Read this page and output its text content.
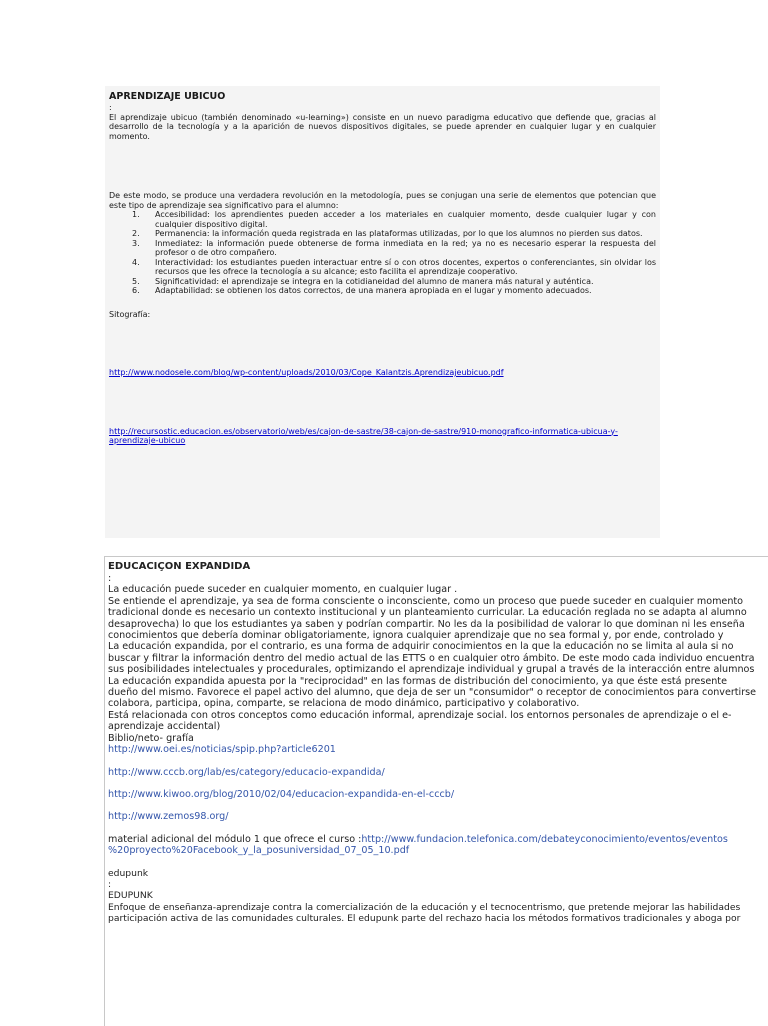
APRENDIZAJE UBICUO

:

El aprendizaje ubicuo (también denominado «u-learning») consiste en un nuevo paradigma educativo que defiende que, gracias al desarrollo de la tecnología y a la aparición de nuevos dispositivos digitales, se puede aprender en cualquier lugar y en cualquier momento.

De este modo, se produce una verdadera revolución en la metodología, pues se conjugan una serie de elementos que potencian que este tipo de aprendizaje sea significativo para el alumno:

1.	Accesibilidad: los aprendientes pueden acceder a los materiales en cualquier momento, desde cualquier lugar y con cualquier dispositivo digital.
2.	Permanencia: la información queda registrada en las plataformas utilizadas, por lo que los alumnos no pierden sus datos.
3.	Inmediatez: la información puede obtenerse de forma inmediata en la red; ya no es necesario esperar la respuesta del profesor o de otro compañero.
4.	Interactividad: los estudiantes pueden interactuar entre sí o con otros docentes, expertos o conferenciantes, sin olvidar los recursos que les ofrece la tecnología a su alcance; esto facilita el aprendizaje cooperativo.
5.	Significatividad: el aprendizaje se integra en la cotidianeidad del alumno de manera más natural y auténtica.
6.	Adaptabilidad: se obtienen los datos correctos, de una manera apropiada en el lugar y momento adecuados.

Sitografía:

http://www.nodosele.com/blog/wp-content/uploads/2010/03/Cope_Kalantzis.Aprendizajeubicuo.pdf
http://recursostic.educacion.es/observatorio/web/es/cajon-de-sastre/38-cajon-de-sastre/910-monografico-informatica-ubicua-y-aprendizaje-ubicuo
EDUCACIÇON EXPANDIDA
:
La educación puede suceder en cualquier momento, en cualquier lugar .
Se entiende el aprendizaje, ya sea de forma consciente o inconsciente, como un proceso que puede suceder en cualquier momento
tradicional donde es necesario un contexto institucional y un planteamiento curricular. La educación reglada no se adapta al alumno
desaprovecha) lo que los estudiantes ya saben y podrían compartir. No les da la posibilidad de valorar lo que dominan ni les enseña
conocimientos que debería dominar obligatoriamente, ignora cualquier aprendizaje que no sea formal y, por ende, controlado y
La educación expandida, por el contrario, es una forma de adquirir conocimientos en la que la educación no se limita al aula si no
buscar y filtrar la información dentro del medio actual de las ETTS o en cualquier otro ámbito. De este modo cada individuo encuentra
sus posibilidades intelectuales y procedurales, optimizando el aprendizaje individual y grupal a través de la interacción entre alumnos
La educación expandida apuesta por la "reciprocidad" en las formas de distribución del conocimiento, ya que éste está presente
dueño del mismo. Favorece el papel activo del alumno, que deja de ser un "consumidor" o receptor de conocimientos para convertirse
colabora, participa, opina, comparte, se relaciona de modo dinámico, participativo y colaborativo.
Está relacionada con otros conceptos como educación informal, aprendizaje social. los entornos personales de aprendizaje o el e-
aprendizaje accidental)
Biblio/neto- grafía
http://www.oei.es/noticias/spip.php?article6201
http://www.cccb.org/lab/es/category/educacio-expandida/
http://www.kiwoo.org/blog/2010/02/04/educacion-expandida-en-el-cccb/
http://www.zemos98.org/
material adicional del módulo 1 que ofrece el curso :http://www.fundacion.telefonica.com/debateyconocimiento/eventos/eventos
%20proyecto%20Facebook_y_la_posuniversidad_07_05_10.pdf
edupunk
:
EDUPUNK
Enfoque de enseñanza-aprendizaje contra la comercialización de la educación y el tecnocentrismo, que pretende mejorar las habilidades
participación activa de las comunidades culturales. El edupunk parte del rechazo hacia los métodos formativos tradicionales y aboga por
